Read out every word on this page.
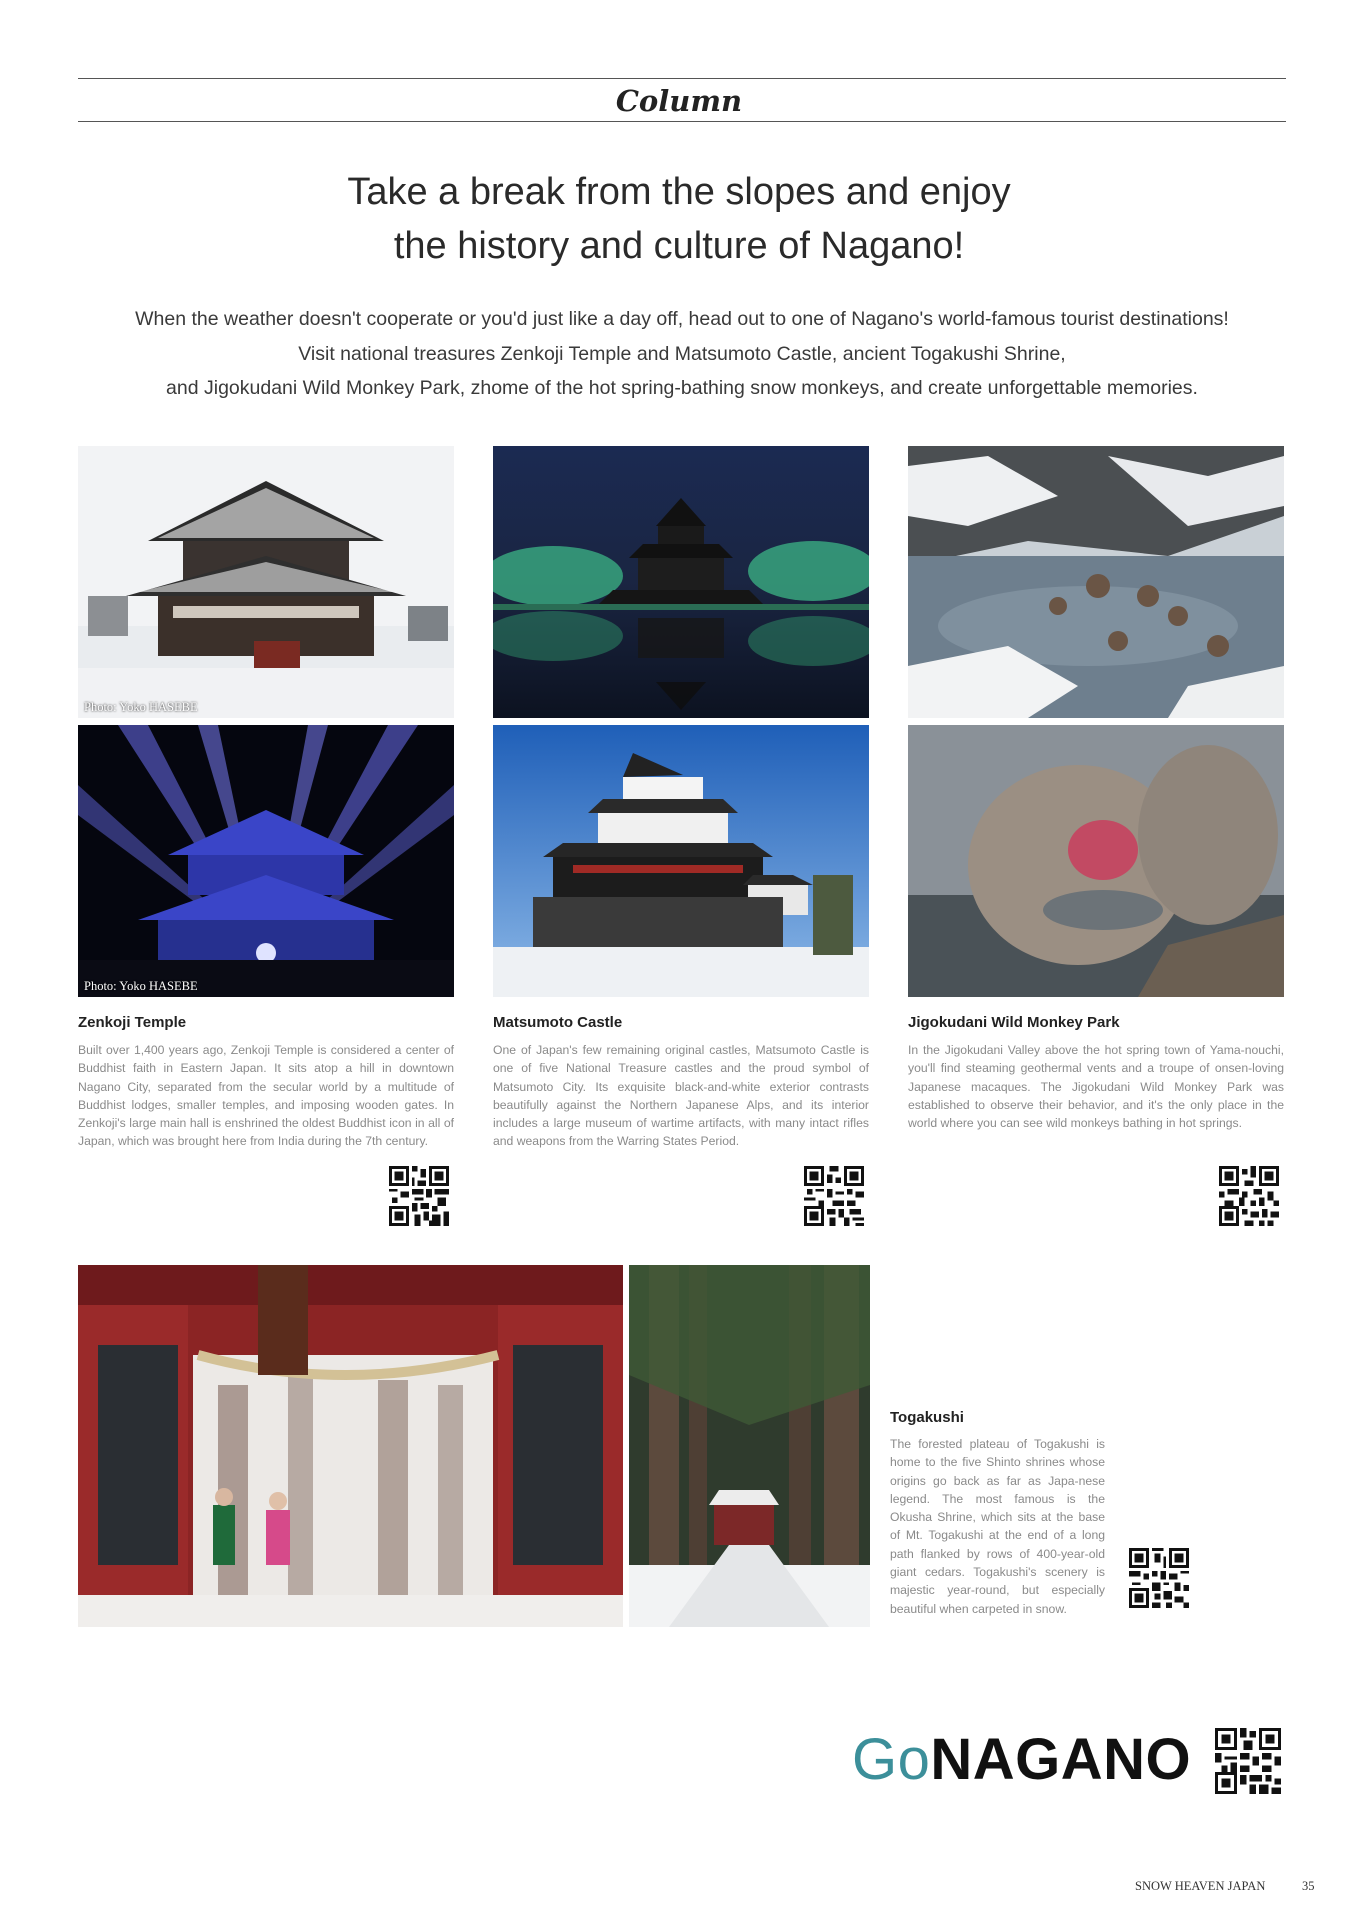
Column
Take a break from the slopes and enjoy
the history and culture of Nagano!
When the weather doesn't cooperate or you'd just like a day off, head out to one of Nagano's world-famous tourist destinations!
Visit national treasures Zenkoji Temple and Matsumoto Castle, ancient Togakushi Shrine,
and Jigokudani Wild Monkey Park, zhome of the hot spring-bathing snow monkeys, and create unforgettable memories.
Photo: Yoko HASEBE
Photo: Yoko HASEBE
Zenkoji Temple
Built over 1,400 years ago, Zenkoji Temple is considered a center of Buddhist faith in Eastern Japan. It sits atop a hill in downtown Nagano City, separated from the secular world by a multitude of Buddhist lodges, smaller temples, and imposing wooden gates. In Zenkoji's large main hall is enshrined the oldest Buddhist icon in all of Japan, which was brought here from India during the 7th century.
Matsumoto Castle
One of Japan's few remaining original castles, Matsumoto Castle is one of five National Treasure castles and the proud symbol of Matsumoto City. Its exquisite black-and-white exterior contrasts beautifully against the Northern Japanese Alps, and its interior includes a large museum of wartime artifacts, with many intact rifles and weapons from the Warring States Period.
Jigokudani Wild Monkey Park
In the Jigokudani Valley above the hot spring town of Yama-nouchi, you'll find steaming geothermal vents and a troupe of onsen-loving Japanese macaques. The Jigokudani Wild Monkey Park was established to observe their behavior, and it's the only place in the world where you can see wild monkeys bathing in hot springs.
Togakushi
The forested plateau of Togakushi is home to the five Shinto shrines whose origins go back as far as Japa-nese legend. The most famous is the Okusha Shrine, which sits at the base of Mt. Togakushi at the end of a long path flanked by rows of 400-year-old giant cedars. Togakushi's scenery is majestic year-round, but especially beautiful when carpeted in snow.
GoNAGANO
SNOW HEAVEN JAPAN	35
